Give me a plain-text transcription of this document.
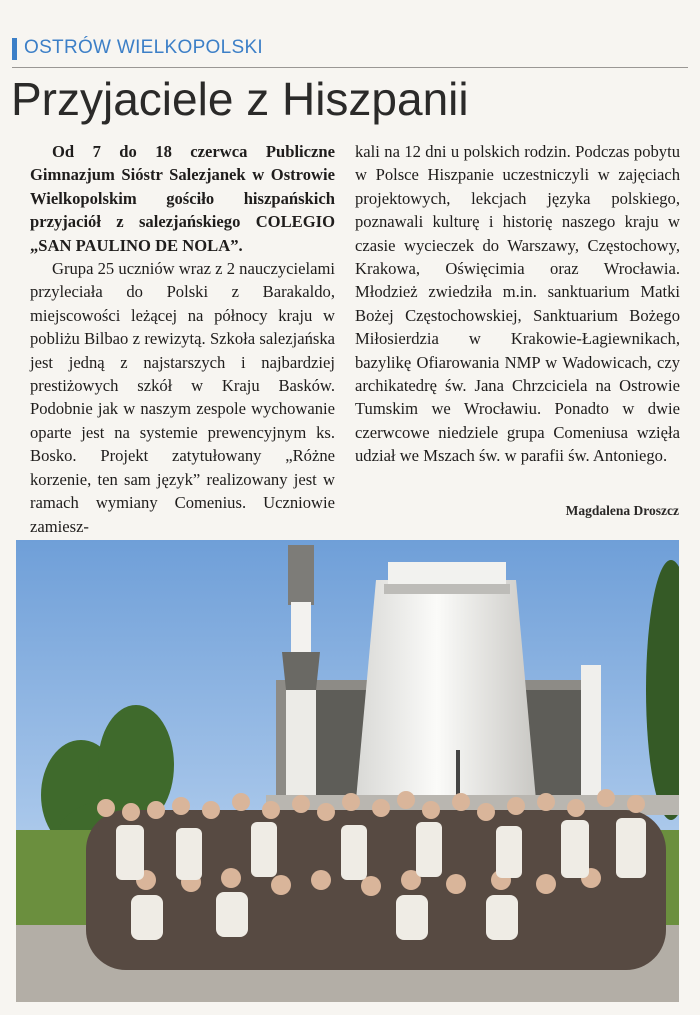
OSTRÓW WIELKOPOLSKI
Przyjaciele z Hiszpanii

Od 7 do 18 czerwca Publiczne Gimnazjum Sióstr Salezjanek w Ostrowie Wielkopolskim gościło hiszpańskich przyjaciół z salezjańskiego COLEGIO „SAN PAULINO DE NOLA”.

Grupa 25 uczniów wraz z 2 nauczycielami przyleciała do Polski z Barakaldo, miejscowości leżącej na północy kraju w pobliżu Bilbao z rewizytą. Szkoła salezjańska jest jedną z najstarszych i najbardziej prestiżowych szkół w Kraju Basków. Podobnie jak w naszym zespole wychowanie oparte jest na systemie prewencyjnym ks. Bosko. Projekt zatytułowany „Różne korzenie, ten sam język” realizowany jest w ramach wymiany Comenius. Uczniowie zamiesz-

kali na 12 dni u polskich rodzin. Podczas pobytu w Polsce Hiszpanie uczestniczyli w zajęciach projektowych, lekcjach języka polskiego, poznawali kulturę i historię naszego kraju w czasie wycieczek do Warszawy, Częstochowy, Krakowa, Oświęcimia oraz Wrocławia. Młodzież zwiedziła m.in. sanktuarium Matki Bożej Częstochowskiej, Sanktuarium Bożego Miłosierdzia w Krakowie-Łagiewnikach, bazylikę Ofiarowania NMP w Wadowicach, czy archikatedrę św. Jana Chrzciciela na Ostrowie Tumskim we Wrocławiu. Ponadto w dwie czerwcowe niedziele grupa Comeniusa wzięła udział we Mszach św. w parafii św. Antoniego.

Magdalena Droszcz
